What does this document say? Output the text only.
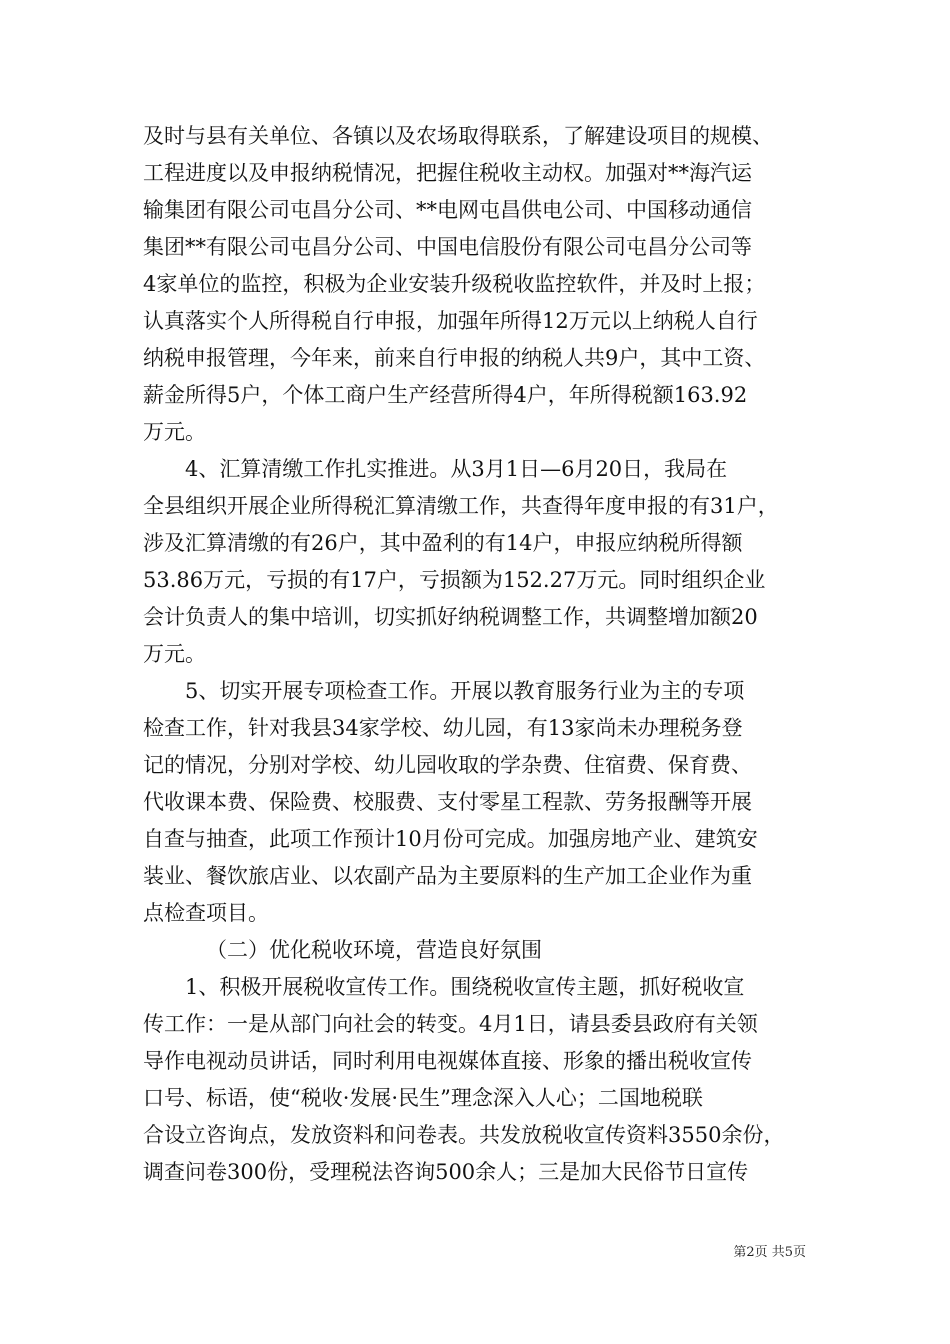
及时与县有关单位、各镇以及农场取得联系，了解建设项目的规模、
工程进度以及申报纳税情况，把握住税收主动权。加强对**海汽运
输集团有限公司屯昌分公司、**电网屯昌供电公司、中国移动通信
集团**有限公司屯昌分公司、中国电信股份有限公司屯昌分公司等
4家单位的监控，积极为企业安装升级税收监控软件，并及时上报；
认真落实个人所得税自行申报，加强年所得12万元以上纳税人自行
纳税申报管理，今年来，前来自行申报的纳税人共9户，其中工资、
薪金所得5户，个体工商户生产经营所得4户，年所得税额163.92
万元。
4、汇算清缴工作扎实推进。从3月1日—6月20日，我局在
全县组织开展企业所得税汇算清缴工作，共查得年度申报的有31户，
涉及汇算清缴的有26户，其中盈利的有14户，申报应纳税所得额
53.86万元，亏损的有17户，亏损额为152.27万元。同时组织企业
会计负责人的集中培训，切实抓好纳税调整工作，共调整增加额20
万元。
5、切实开展专项检查工作。开展以教育服务行业为主的专项
检查工作，针对我县34家学校、幼儿园，有13家尚未办理税务登
记的情况，分别对学校、幼儿园收取的学杂费、住宿费、保育费、
代收课本费、保险费、校服费、支付零星工程款、劳务报酬等开展
自查与抽查，此项工作预计10月份可完成。加强房地产业、建筑安
装业、餐饮旅店业、以农副产品为主要原料的生产加工企业作为重
点检查项目。
（二）优化税收环境，营造良好氛围
1、积极开展税收宣传工作。围绕税收宣传主题，抓好税收宣
传工作：一是从部门向社会的转变。4月1日，请县委县政府有关领
导作电视动员讲话，同时利用电视媒体直接、形象的播出税收宣传
口号、标语，使“税收·发展·民生”理念深入人心；二国地税联
合设立咨询点，发放资料和问卷表。共发放税收宣传资料3550余份，
调查问卷300份，受理税法咨询500余人；三是加大民俗节日宣传
第2页 共5页
